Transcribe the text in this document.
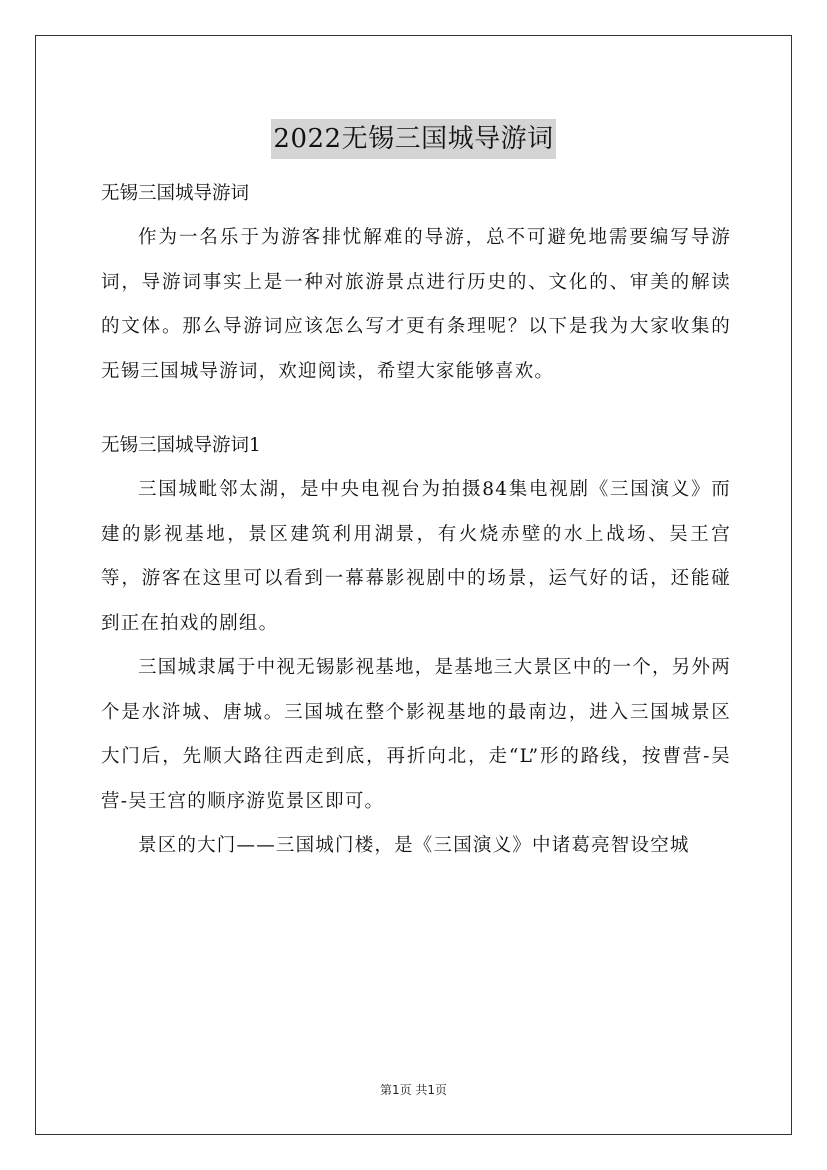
2022无锡三国城导游词

无锡三国城导游词

作为一名乐于为游客排忧解难的导游，总不可避免地需要编写导游词，导游词事实上是一种对旅游景点进行历史的、文化的、审美的解读的文体。那么导游词应该怎么写才更有条理呢？以下是我为大家收集的无锡三国城导游词，欢迎阅读，希望大家能够喜欢。

无锡三国城导游词1

三国城毗邻太湖，是中央电视台为拍摄84集电视剧《三国演义》而建的影视基地，景区建筑利用湖景，有火烧赤壁的水上战场、吴王宫等，游客在这里可以看到一幕幕影视剧中的场景，运气好的话，还能碰到正在拍戏的剧组。

三国城隶属于中视无锡影视基地，是基地三大景区中的一个，另外两个是水浒城、唐城。三国城在整个影视基地的最南边，进入三国城景区大门后，先顺大路往西走到底，再折向北，走“L”形的路线，按曹营-吴营-吴王宫的顺序游览景区即可。

景区的大门——三国城门楼，是《三国演义》中诸葛亮智设空城

第1页 共1页
